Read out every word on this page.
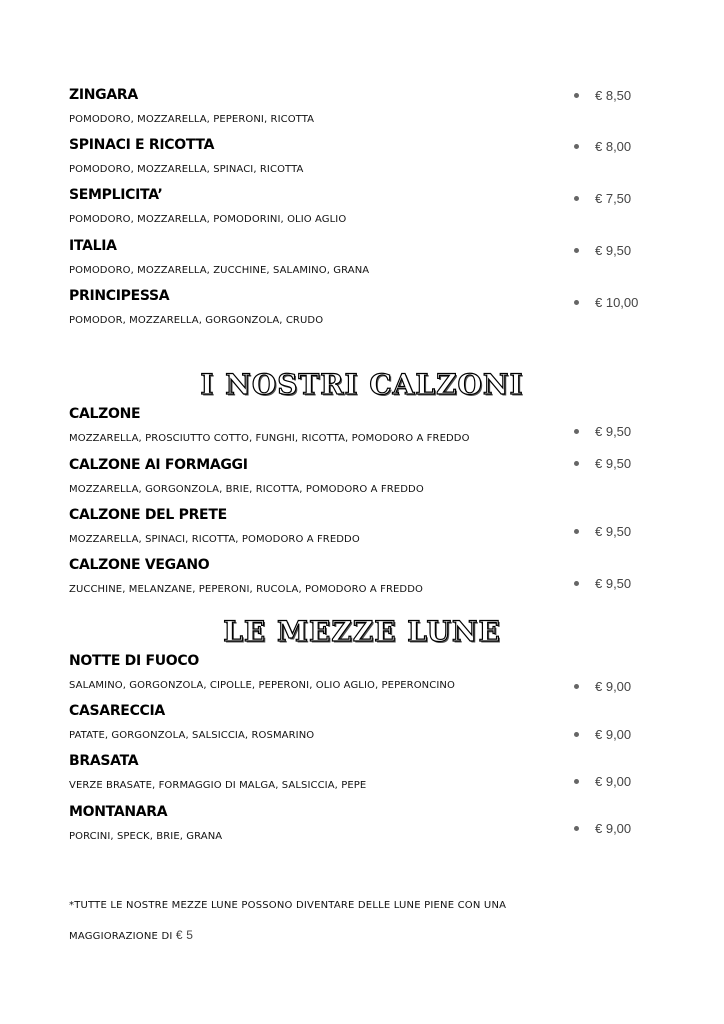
ZINGARA
POMODORO, MOZZARELLA, PEPERONI, RICOTTA
€ 8,50
SPINACI E RICOTTA
POMODORO, MOZZARELLA, SPINACI, RICOTTA
€ 8,00
SEMPLICITA’
POMODORO, MOZZARELLA, POMODORINI, OLIO AGLIO
€ 7,50
ITALIA
POMODORO, MOZZARELLA, ZUCCHINE, SALAMINO, GRANA
€ 9,50
PRINCIPESSA
POMODOR, MOZZARELLA, GORGONZOLA, CRUDO
€ 10,00
I NOSTRI CALZONI
CALZONE
MOZZARELLA, PROSCIUTTO COTTO, FUNGHI, RICOTTA, POMODORO A FREDDO	€ 9,50
CALZONE AI FORMAGGI
MOZZARELLA, GORGONZOLA, BRIE, RICOTTA, POMODORO A FREDDO
€ 9,50
CALZONE DEL PRETE
MOZZARELLA, SPINACI, RICOTTA, POMODORO A FREDDO
€ 9,50
CALZONE VEGANO
ZUCCHINE, MELANZANE, PEPERONI, RUCOLA, POMODORO A FREDDO	€ 9,50
LE MEZZE LUNE
NOTTE DI FUOCO
SALAMINO, GORGONZOLA, CIPOLLE, PEPERONI, OLIO AGLIO, PEPERONCINO	€ 9,00
CASARECCIA
PATATE, GORGONZOLA, SALSICCIA, ROSMARINO	€ 9,00
BRASATA
VERZE BRASATE, FORMAGGIO DI MALGA, SALSICCIA, PEPE	€ 9,00
MONTANARA
PORCINI, SPECK, BRIE, GRANA
€ 9,00
*TUTTE LE NOSTRE MEZZE LUNE POSSONO DIVENTARE DELLE LUNE PIENE CON UNA
MAGGIORAZIONE DI € 5
